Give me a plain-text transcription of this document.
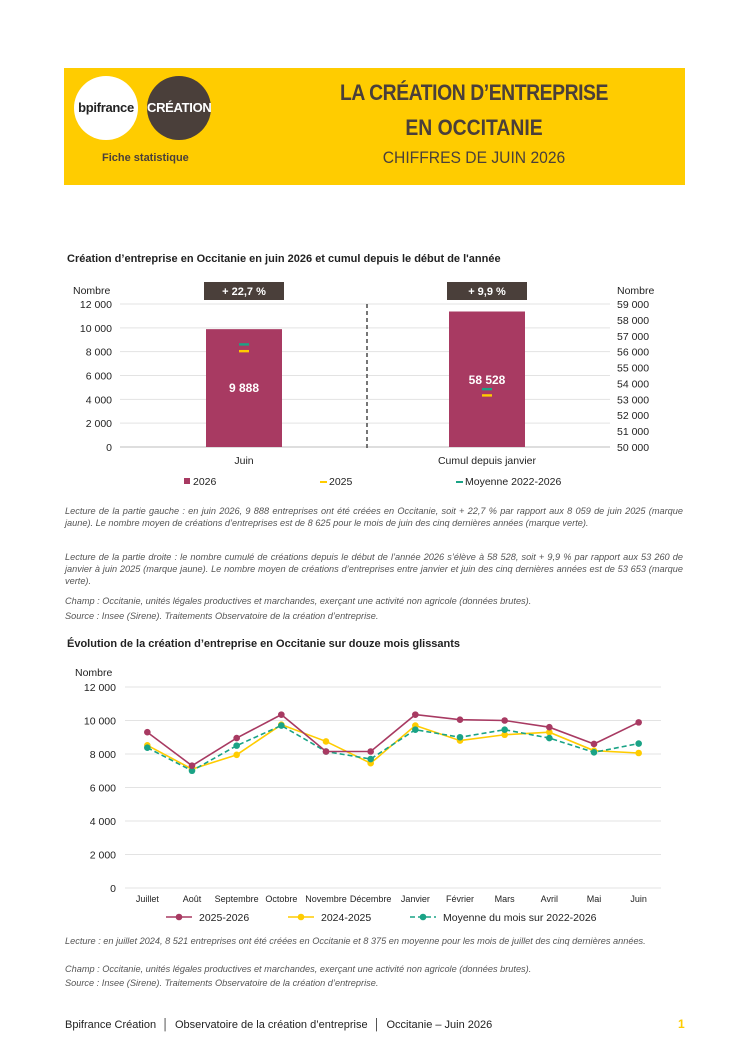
bpifrance	CRÉATION
Fiche statistique
LA CRÉATION D’ENTREPRISE
EN OCCITANIE
CHIFFRES DE JUIN 2026
Création d’entreprise en Occitanie en juin 2026 et cumul depuis le début de l'année
Nombre	Nombre
0
2 000
4 000
6 000
8 000
10 000
12 000
50 000
51 000
52 000
53 000
54 000
55 000
56 000
57 000
58 000
59 000
9 888
+ 22,7 %
Juin
58 528
+ 9,9 %
Cumul depuis janvier
2026	2025	Moyenne 2022-2026
Lecture de la partie gauche : en juin 2026, 9 888 entreprises ont été créées en Occitanie, soit + 22,7 % par rapport aux 8 059 de juin 2025 (marque jaune). Le nombre moyen de créations d’entreprises est de 8 625 pour le mois de juin des cinq dernières années (marque verte).
Lecture de la partie droite : le nombre cumulé de créations depuis le début de l’année 2026 s’élève à 58 528, soit + 9,9 % par rapport aux 53 260 de janvier à juin 2025 (marque jaune). Le nombre moyen de créations d’entreprises entre janvier et juin des cinq dernières années est de 53 653 (marque verte).
Champ : Occitanie, unités légales productives et marchandes, exerçant une activité non agricole (données brutes).
Source : Insee (Sirene). Traitements Observatoire de la création d’entreprise.
Évolution de la création d’entreprise en Occitanie sur douze mois glissants
Nombre
0
2 000
4 000
6 000
8 000
10 000
12 000
Juillet	Août Septembre Octobre Novembre Décembre Janvier Février Mars	Avril	Mai	Juin
2025-2026	2024-2025	Moyenne du mois sur 2022-2026
Lecture : en juillet 2024, 8 521 entreprises ont été créées en Occitanie et 8 375 en moyenne pour les mois de juillet des cinq dernières années.
Champ : Occitanie, unités légales productives et marchandes, exerçant une activité non agricole (données brutes).
Source : Insee (Sirene). Traitements Observatoire de la création d’entreprise.
Bpifrance Création │ Observatoire de la création d’entreprise │ Occitanie – Juin 2026	1
